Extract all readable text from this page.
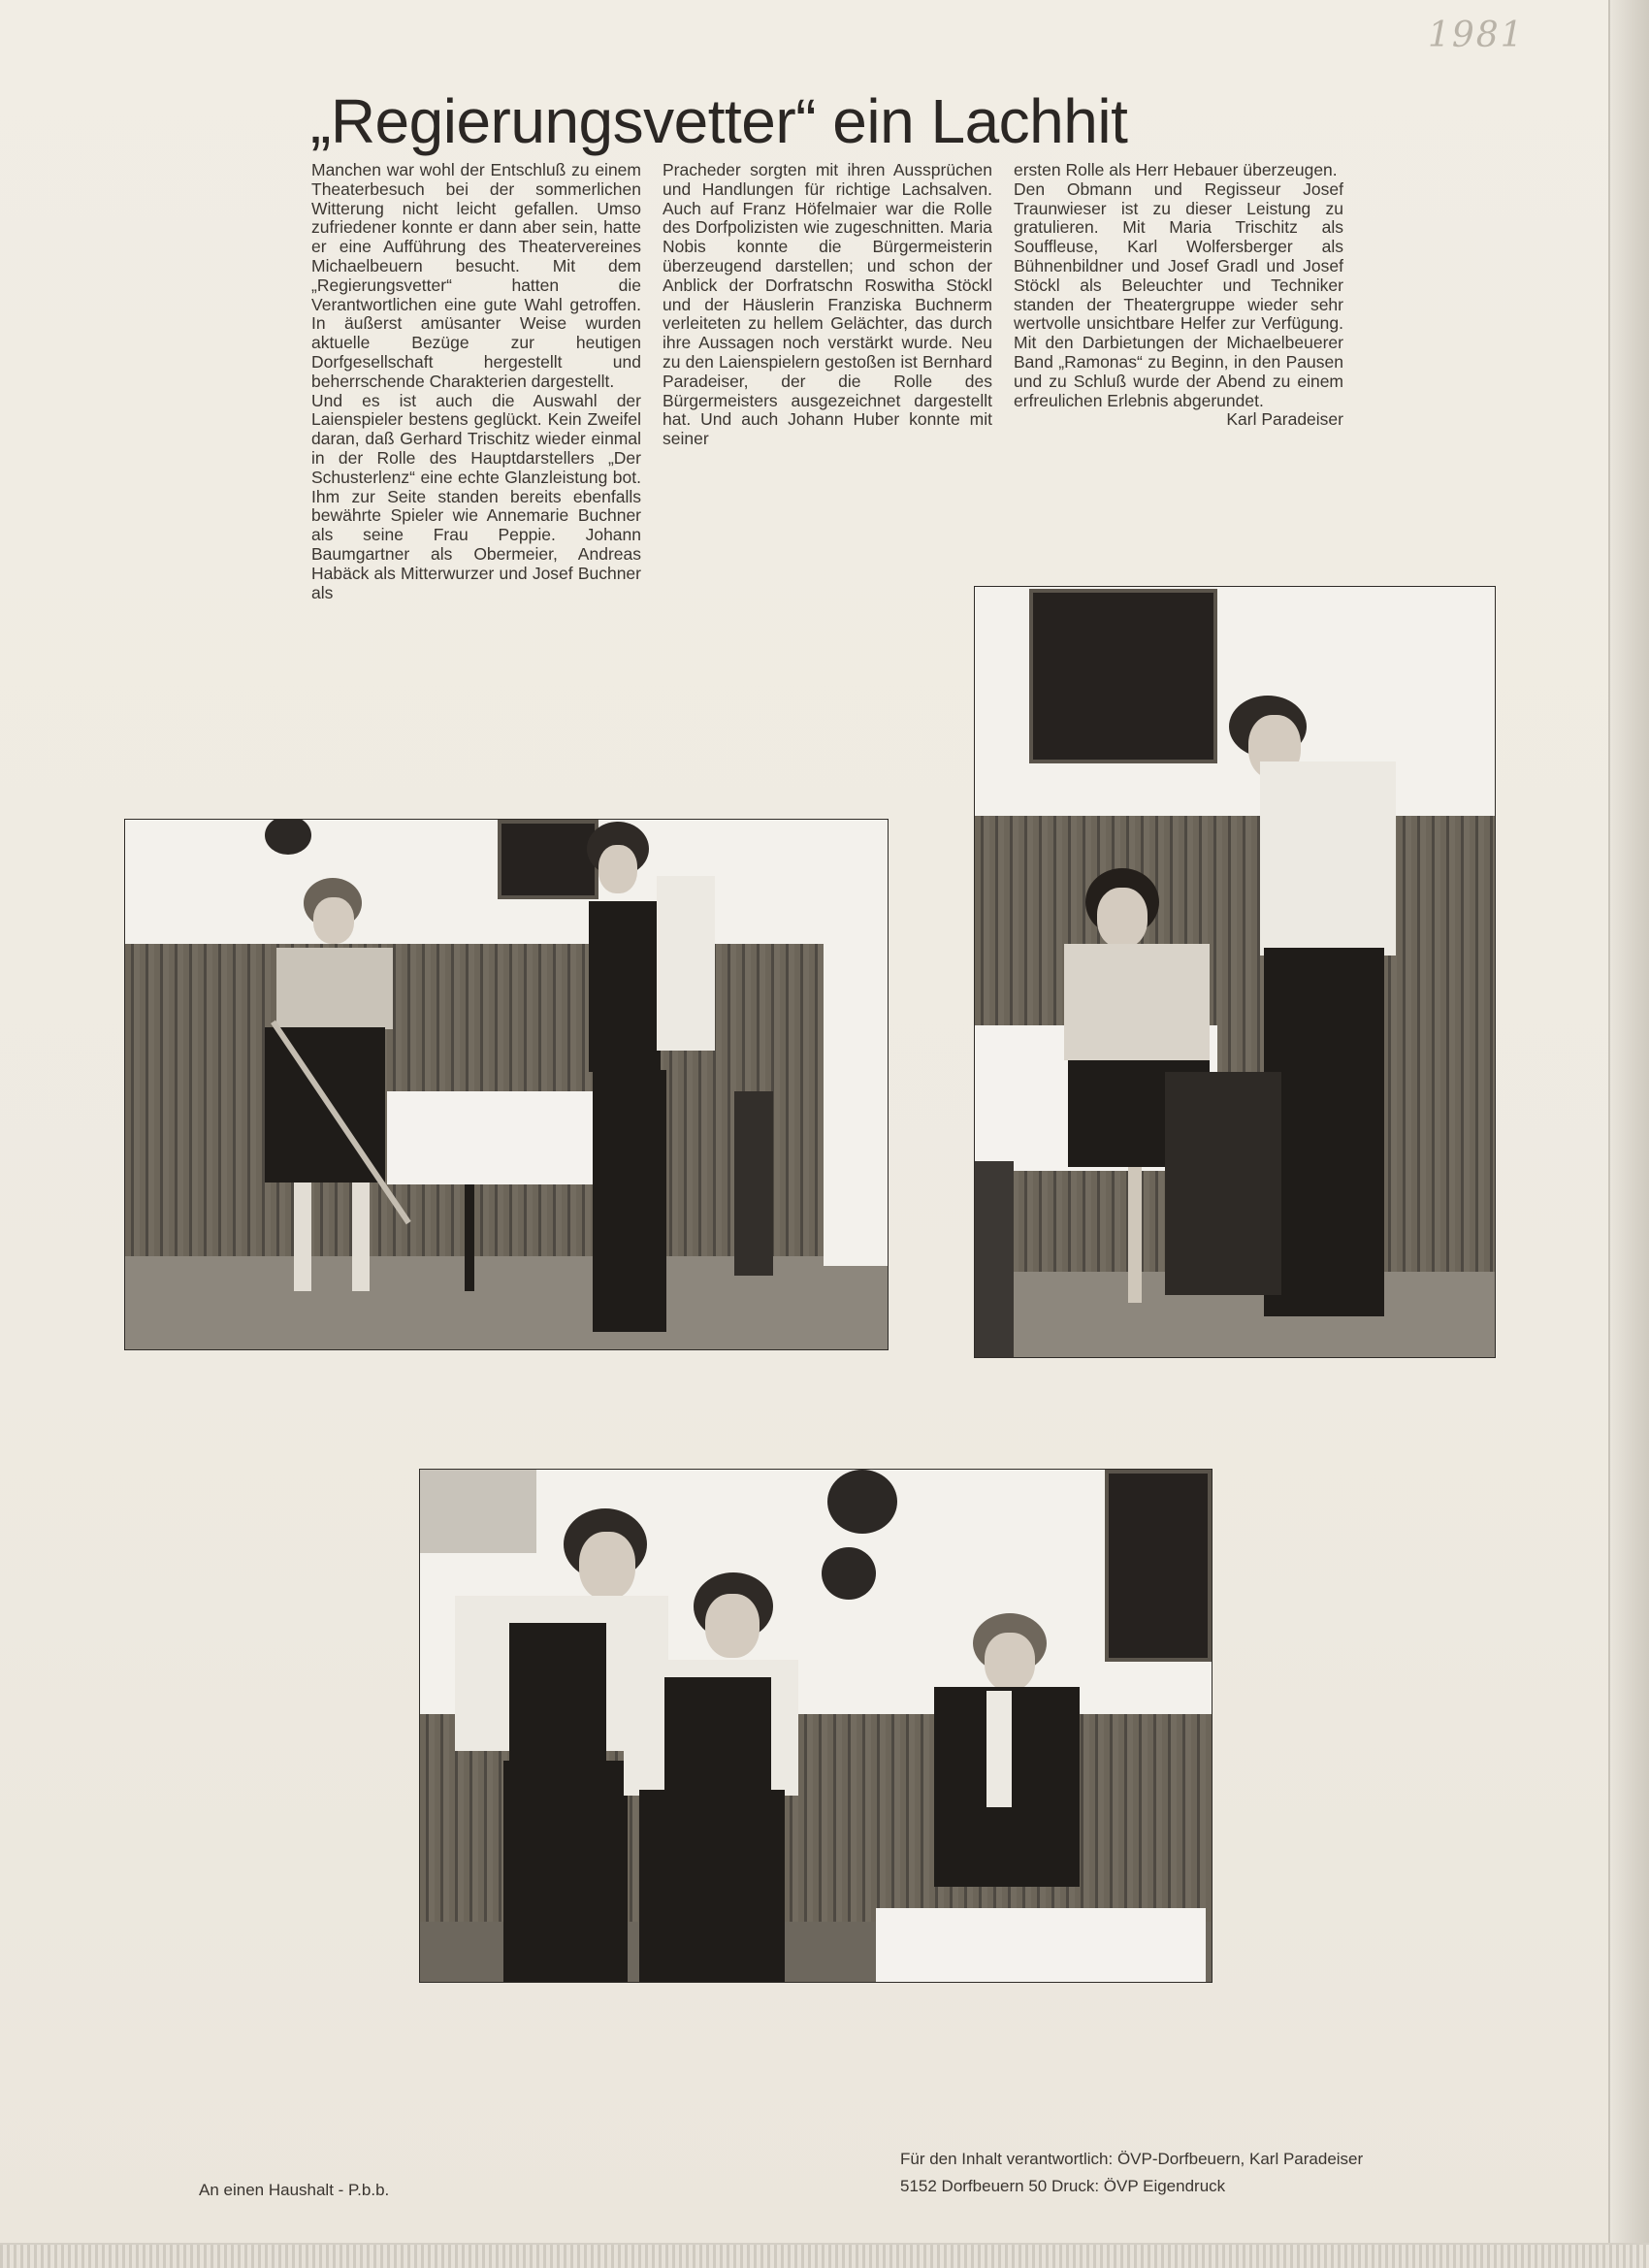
1981
„Regierungsvetter“ ein Lachhit

Manchen war wohl der Entschluß zu einem Theaterbesuch bei der sommerlichen Witterung nicht leicht gefallen. Umso zufriedener konnte er dann aber sein, hatte er eine Aufführung des Theatervereines Michaelbeuern besucht. Mit dem „Regierungsvetter“ hatten die Verantwortlichen eine gute Wahl getroffen. In äußerst amüsanter Weise wurden aktuelle Bezüge zur heutigen Dorfgesellschaft hergestellt und beherrschende Charakterien dargestellt.

Und es ist auch die Auswahl der Laienspieler bestens geglückt. Kein Zweifel daran, daß Gerhard Trischitz wieder einmal in der Rolle des Hauptdarstellers „Der Schusterlenz“ eine echte Glanzleistung bot. Ihm zur Seite standen bereits ebenfalls bewährte Spieler wie Annemarie Buchner als seine Frau Peppie. Johann Baumgartner als Obermeier, Andreas Habäck als Mitterwurzer und Josef Buchner als

Pracheder sorgten mit ihren Aussprüchen und Handlungen für richtige Lachsalven. Auch auf Franz Höfelmaier war die Rolle des Dorfpolizisten wie zugeschnitten. Maria Nobis konnte die Bürgermeisterin überzeugend darstellen; und schon der Anblick der Dorfratschn Roswitha Stöckl und der Häuslerin Franziska Buchnerm verleiteten zu hellem Gelächter, das durch ihre Aussagen noch verstärkt wurde. Neu zu den Laienspielern gestoßen ist Bernhard Paradeiser, der die Rolle des Bürgermeisters ausgezeichnet dargestellt hat. Und auch Johann Huber konnte mit seiner

ersten Rolle als Herr Hebauer überzeugen.

Den Obmann und Regisseur Josef Traunwieser ist zu dieser Leistung zu gratulieren. Mit Maria Trischitz als Souffleuse, Karl Wolfersberger als Bühnenbildner und Josef Gradl und Josef Stöckl als Beleuchter und Techniker standen der Theatergruppe wieder sehr wertvolle unsichtbare Helfer zur Verfügung. Mit den Darbietungen der Michaelbeuerer Band „Ramonas“ zu Beginn, in den Pausen und zu Schluß wurde der Abend zu einem erfreulichen Erlebnis abgerundet.

Karl Paradeiser

An einen Haushalt - P.b.b.
Für den Inhalt verantwortlich: ÖVP-Dorfbeuern, Karl Paradeiser
5152 Dorfbeuern 50 Druck: ÖVP Eigendruck
